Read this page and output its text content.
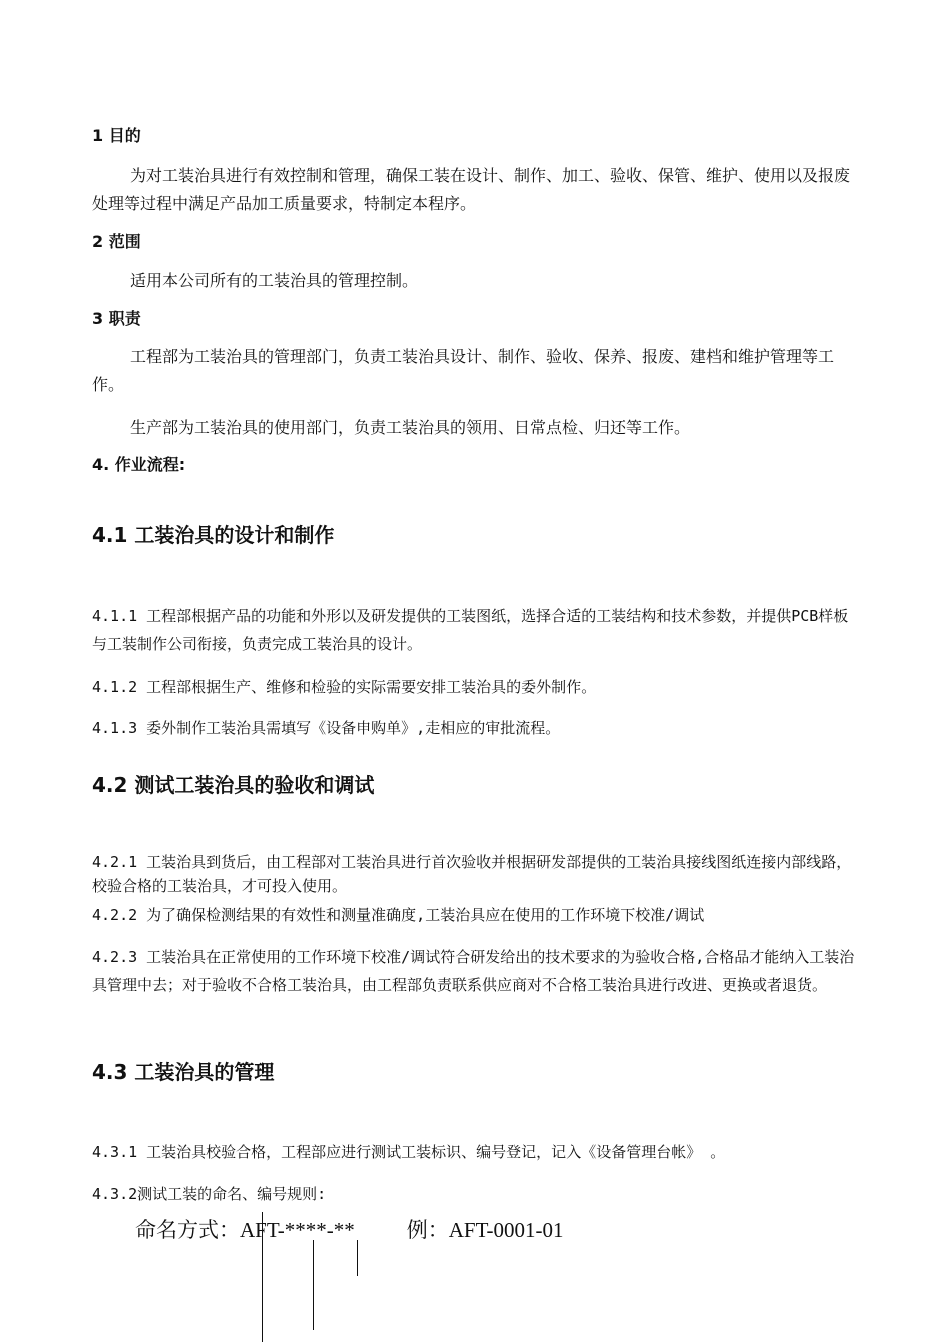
1 目的
为对工装治具进行有效控制和管理，确保工装在设计、制作、加工、验收、保管、维护、使用以及报废处理等过程中满足产品加工质量要求，特制定本程序。
2 范围
适用本公司所有的工装治具的管理控制。
3 职责
工程部为工装治具的管理部门，负责工装治具设计、制作、验收、保养、报废、建档和维护管理等工作。
生产部为工装治具的使用部门，负责工装治具的领用、日常点检、归还等工作。
4. 作业流程:
4.1 工装治具的设计和制作
4.1.1 工程部根据产品的功能和外形以及研发提供的工装图纸，选择合适的工装结构和技术参数，并提供PCB样板与工装制作公司衔接，负责完成工装治具的设计。
4.1.2 工程部根据生产、维修和检验的实际需要安排工装治具的委外制作。
4.1.3 委外制作工装治具需填写《设备申购单》,走相应的审批流程。
4.2 测试工装治具的验收和调试
4.2.1 工装治具到货后，由工程部对工装治具进行首次验收并根据研发部提供的工装治具接线图纸连接内部线路，校验合格的工装治具，才可投入使用。
4.2.2 为了确保检测结果的有效性和测量准确度,工装治具应在使用的工作环境下校准/调试
4.2.3 工装治具在正常使用的工作环境下校准/调试符合研发给出的技术要求的为验收合格,合格品才能纳入工装治具管理中去；对于验收不合格工装治具，由工程部负责联系供应商对不合格工装治具进行改进、更换或者退货。
4.3 工装治具的管理
4.3.1 工装治具校验合格，工程部应进行测试工装标识、编号登记，记入《设备管理台帐》 。
4.3.2测试工装的命名、编号规则:
命名方式：AFT-****-** 例：AFT-0001-01
